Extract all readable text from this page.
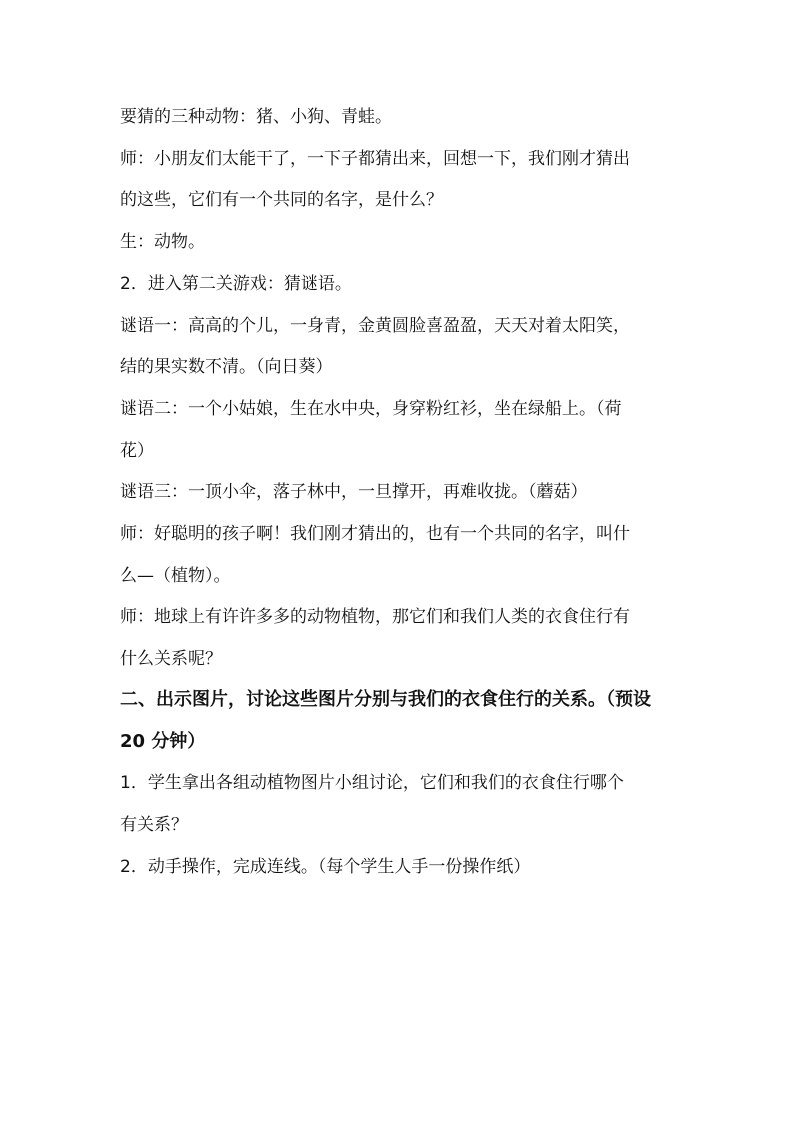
要猜的三种动物：猪、小狗、青蛙。
师：小朋友们太能干了，一下子都猜出来，回想一下，我们刚才猜出
的这些，它们有一个共同的名字，是什么？
生：动物。
2．进入第二关游戏：猜谜语。
谜语一：高高的个儿，一身青，金黄圆脸喜盈盈，天天对着太阳笑，
结的果实数不清。（向日葵）
谜语二：一个小姑娘，生在水中央，身穿粉红衫，坐在绿船上。（荷
花）
谜语三：一顶小伞，落子林中，一旦撑开，再难收拢。（蘑菇）
师：好聪明的孩子啊！我们刚才猜出的，也有一个共同的名字，叫什
么—（植物）。
师：地球上有许许多多的动物植物，那它们和我们人类的衣食住行有
什么关系呢？
二、出示图片，讨论这些图片分别与我们的衣食住行的关系。（预设
20 分钟）
1．学生拿出各组动植物图片小组讨论，它们和我们的衣食住行哪个
有关系？
2．动手操作，完成连线。（每个学生人手一份操作纸）
